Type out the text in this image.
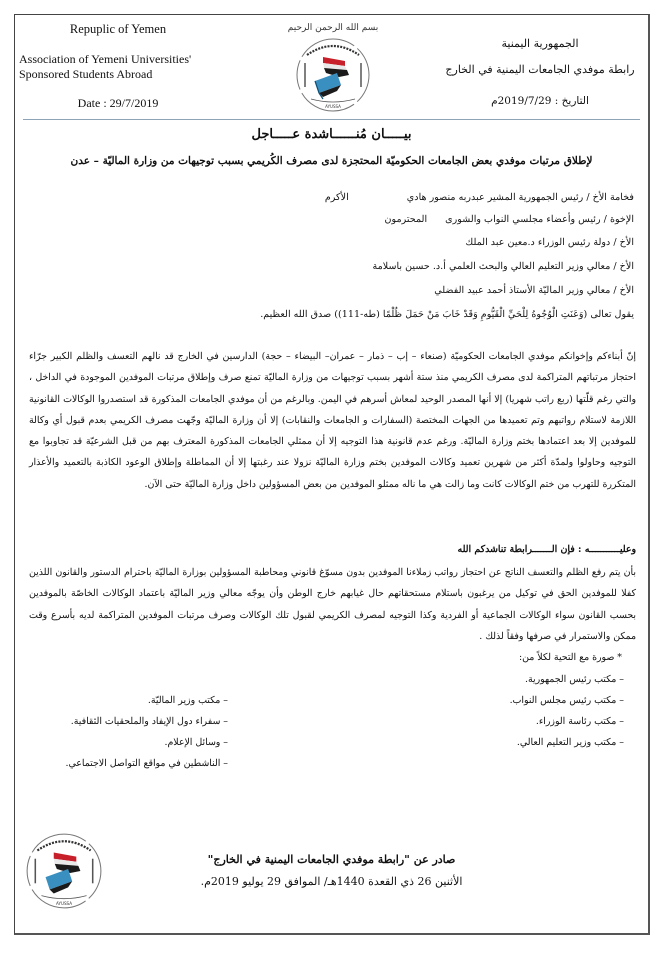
Repuplic of Yemen
Association of Yemeni Universities'
Sponsored Students Abroad
Date : 29/7/2019
بسم الله الرحمن الرحيم
AYUSSA
الجمهورية اليمنية
رابطة موفدي الجامعات اليمنية في الخارج
التاريخ : 2019/7/29م
بيـــــان مُنــــــاشدة عـــــاجل
لإطلاق مرتبات موفدي بعض الجامعات الحكوميّة المحتجزة لدى مصرف الكُريمي بسبب توجيهات من وزارة الماليّة – عدن
فخامة الأخ / رئيس الجمهورية المشير عبدربه منصور هاديالأكرم
الإخوة / رئيس وأعضاء مجلسي النواب والشورىالمحترمون
الأخ / دولة رئيس الوزراء د.معين عبد الملك
الأخ / معالي وزير التعليم العالي والبحث العلمي أ.د. حسين باسلامة
الأخ / معالي وزير الماليّة الأستاذ أحمد عبيد الفضلي
يقول تعالى (وَعَنَتِ الْوُجُوهُ لِلْحَيِّ الْقَيُّومِ وَقَدْ خَابَ مَنْ حَمَلَ ظُلْمًا (طه-111)) صدق الله العظيم.
إنّ أبناءكم وإخوانكم موفدي الجامعات الحكوميّة (صنعاء – إب – ذمار – عمران– البيضاء – حجة) الدارسين في الخارج قد نالهم التعسف والظلم الكبير جرّاء احتجاز مرتباتهم المتراكمة لدى مصرف الكريمي منذ ستة أشهر بسبب توجيهات من وزارة الماليّة تمنع صرف وإطلاق مرتبات الموفدين الموجودة في الداخل ، والتي رغم قلّتها (ربع راتب شهريا) إلا أنها المصدر الوحيد لمعاش أسرهم في اليمن. وبالرغم من أن موفدي الجامعات المذكورة قد استصدروا الوكالات القانونية اللازمة لاستلام رواتبهم وتم تعميدها من الجهات المختصة (السفارات و الجامعات والنقابات) إلا أن وزارة الماليّة وجّهت مصرف الكريمي بعدم قبول أي وكالة للموفدين إلا بعد اعتمادها بختم وزارة الماليّة. ورغم عدم قانونية هذا التوجيه إلا أن ممثلي الجامعات المذكورة المعترف بهم من قبل الشرعيّة قد تجاوبوا مع التوجيه وحاولوا ولمدّة أكثر من شهرين تعميد وكالات الموفدين بختم وزارة الماليّة نزولا عند رغبتها إلا أن المماطلة وإطلاق الوعود الكاذبة بالتعميد والأعذار المتكررة للتهرب من ختم الوكالات كانت وما زالت هي ما ناله ممثلو الموفدين من بعض المسؤولين داخل وزارة الماليّة حتى الآن.
وعليـــــــــــه : فإن الـــــــرابطة تناشدكم الله
بأن يتم رفع الظلم والتعسف الناتج عن احتجاز رواتب زملاءنا الموفدين بدون مسوّغ قانوني ومحاطبة المسؤولين بوزارة الماليّة باحترام الدستور والقانون اللذين كفلا للموفدين الحق في توكيل من يرغبون باستلام مستحقاتهم حال غيابهم خارج الوطن وأن يوجّه معالي وزير الماليّة باعتماد الوكالات الخاصّة بالموفدين بحسب القانون سواء الوكالات الجماعية أو الفردية وكذا التوجيه لمصرف الكريمي لقبول تلك الوكالات وصرف مرتبات الموفدين المتراكمة لديه بأسرع وقت ممكن والاستمرار في صرفها وفقاً لذلك .
* صورة مع التحية لكلاً من:
– مكتب رئيس الجمهورية.
– مكتب رئيس مجلس النواب.
– مكتب رئاسة الوزراء.
– مكتب وزير التعليم العالي.
– مكتب وزير الماليّة.
– سفراء دول الإيفاد والملحقيات الثقافية.
– وسائل الإعلام.
– الناشطين في مواقع التواصل الاجتماعي.
AYUSSA
صادر عن "رابطة موفدي الجامعات اليمنية في الخارج"
الأثنين 26 ذي القعدة 1440هـ/ الموافق 29 يوليو 2019م.
